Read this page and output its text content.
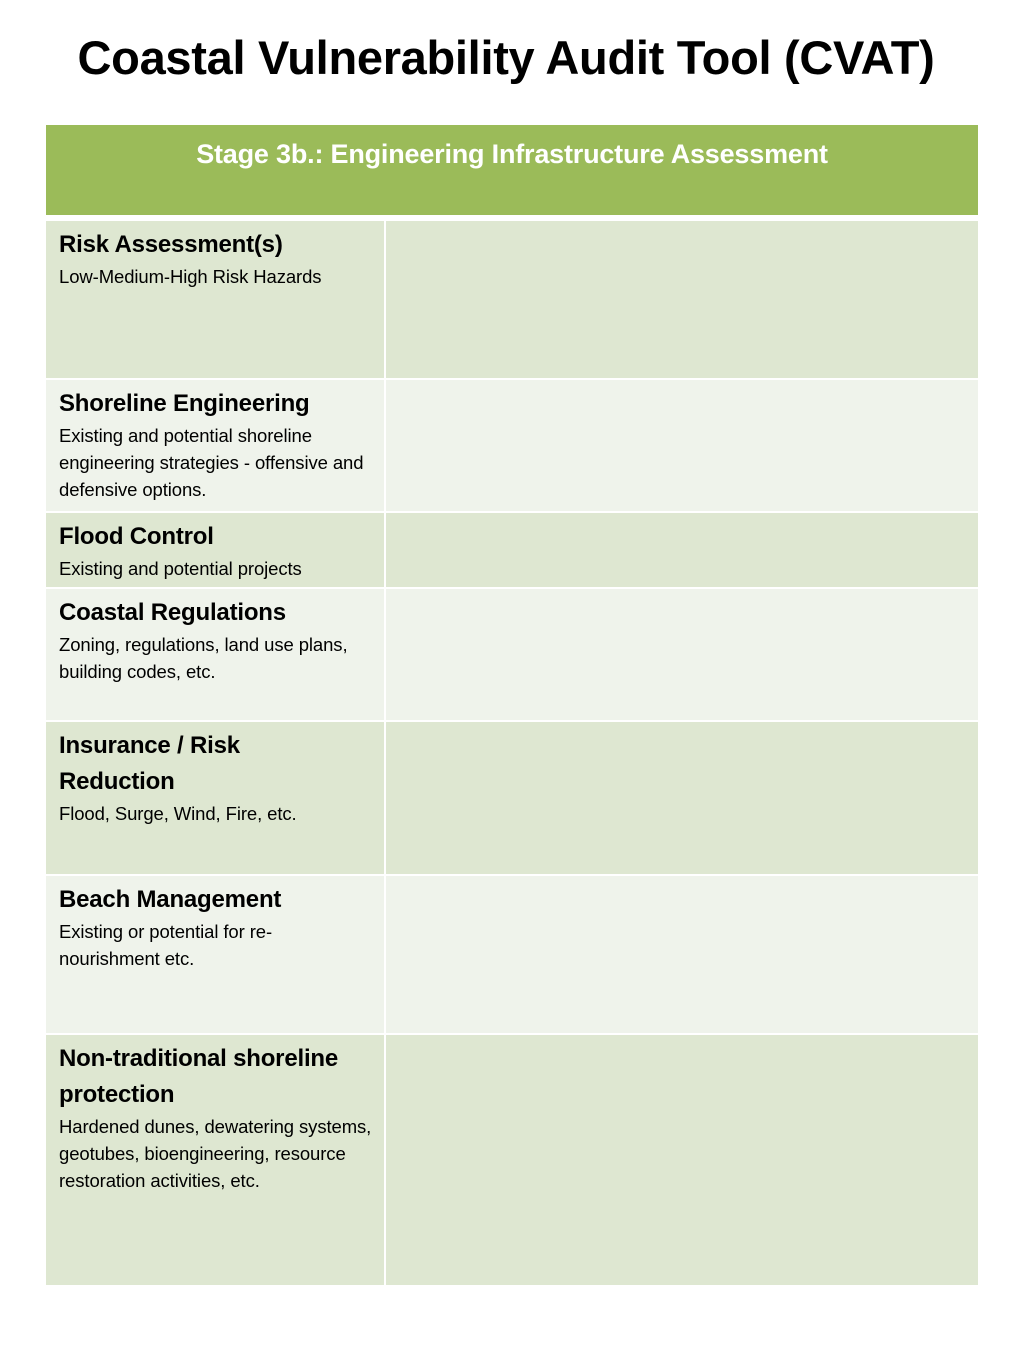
Coastal Vulnerability Audit Tool (CVAT)
Stage 3b.: Engineering Infrastructure Assessment
Risk Assessment(s)
Low-Medium-High Risk Hazards
Shoreline Engineering
Existing and potential shoreline engineering strategies - offensive and defensive options.
Flood Control
Existing and potential projects
Coastal Regulations
Zoning, regulations, land use plans, building codes, etc.
Insurance / Risk Reduction
Flood, Surge, Wind, Fire, etc.
Beach Management
Existing or potential for re-nourishment etc.
Non-traditional shoreline protection
Hardened dunes, dewatering systems, geotubes, bioengineering, resource restoration activities, etc.
